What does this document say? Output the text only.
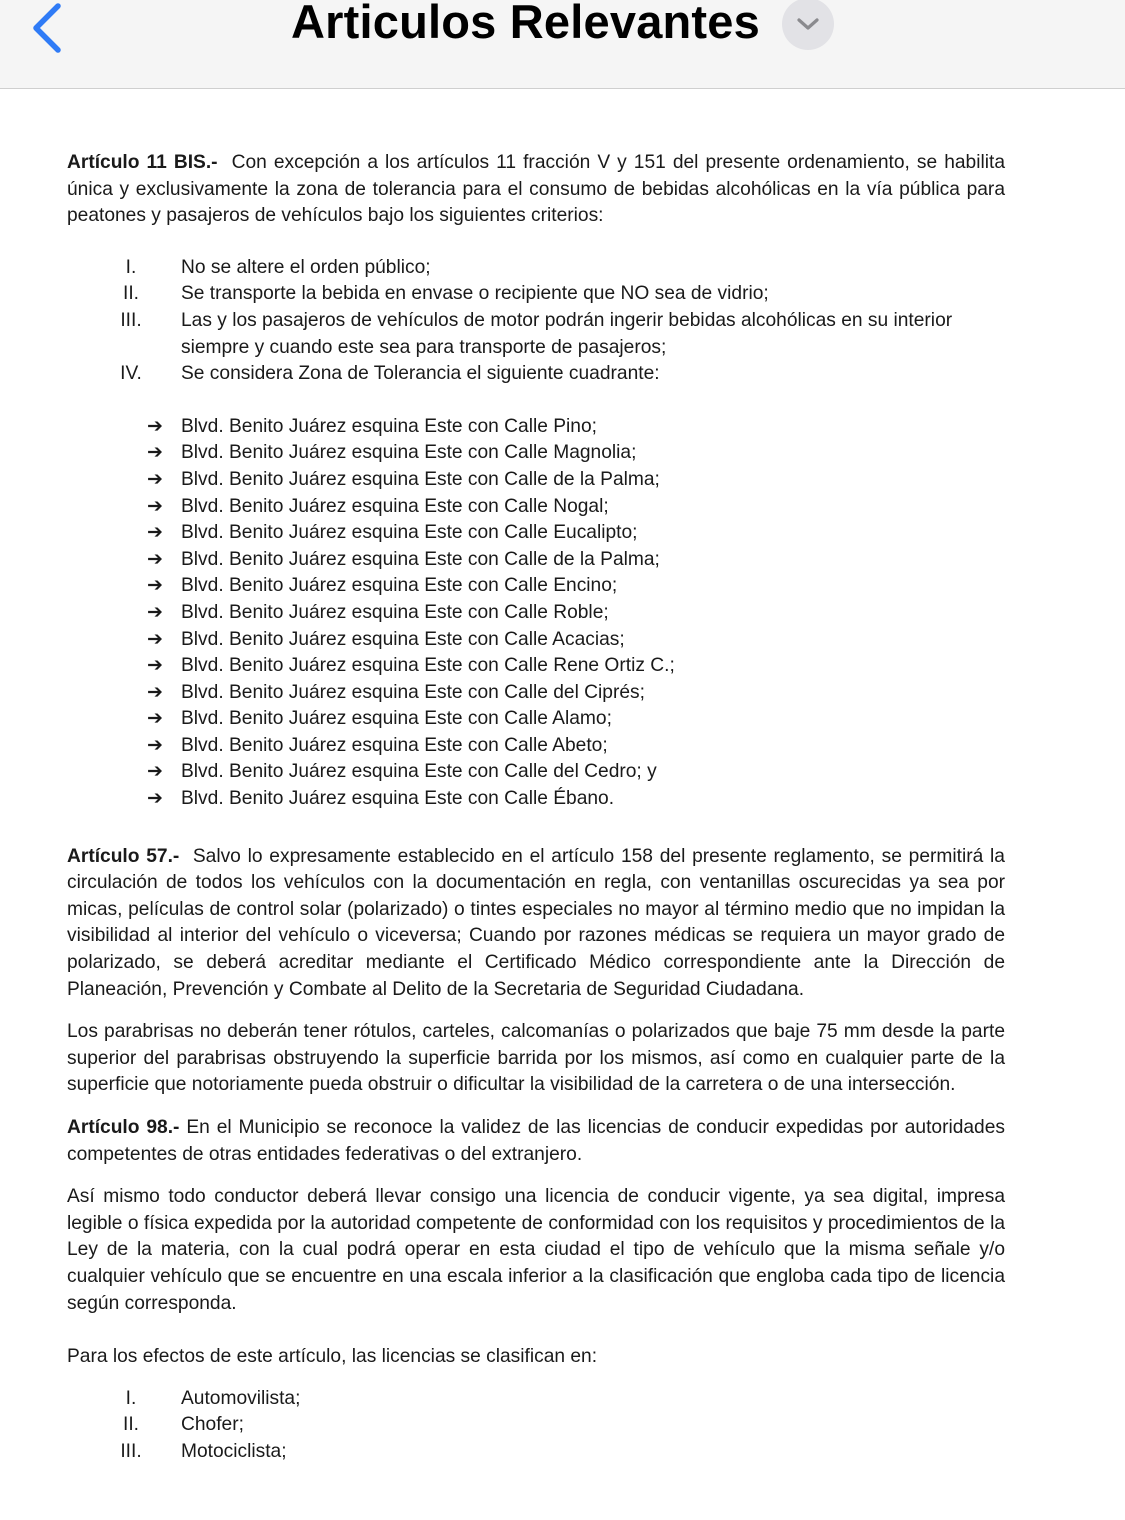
Articulos Relevantes

Artículo 11 BIS.- Con excepción a los artículos 11 fracción V y 151 del presente ordenamiento, se habilita única y exclusivamente la zona de tolerancia para el consumo de bebidas alcohólicas en la vía pública para peatones y pasajeros de vehículos bajo los siguientes criterios:

I.	No se altere el orden público;
II.	Se transporte la bebida en envase o recipiente que NO sea de vidrio;
III.	Las y los pasajeros de vehículos de motor podrán ingerir bebidas alcohólicas en su interior siempre y cuando este sea para transporte de pasajeros;
IV.	Se considera Zona de Tolerancia el siguiente cuadrante:
➔ Blvd. Benito Juárez esquina Este con Calle Pino;
➔ Blvd. Benito Juárez esquina Este con Calle Magnolia;
➔ Blvd. Benito Juárez esquina Este con Calle de la Palma;
➔ Blvd. Benito Juárez esquina Este con Calle Nogal;
➔ Blvd. Benito Juárez esquina Este con Calle Eucalipto;
➔ Blvd. Benito Juárez esquina Este con Calle de la Palma;
➔ Blvd. Benito Juárez esquina Este con Calle Encino;
➔ Blvd. Benito Juárez esquina Este con Calle Roble;
➔ Blvd. Benito Juárez esquina Este con Calle Acacias;
➔ Blvd. Benito Juárez esquina Este con Calle Rene Ortiz C.;
➔ Blvd. Benito Juárez esquina Este con Calle del Ciprés;
➔ Blvd. Benito Juárez esquina Este con Calle Alamo;
➔ Blvd. Benito Juárez esquina Este con Calle Abeto;
➔ Blvd. Benito Juárez esquina Este con Calle del Cedro; y
➔ Blvd. Benito Juárez esquina Este con Calle Ébano.

Artículo 57.- Salvo lo expresamente establecido en el artículo 158 del presente reglamento, se permitirá la circulación de todos los vehículos con la documentación en regla, con ventanillas oscurecidas ya sea por micas, películas de control solar (polarizado) o tintes especiales no mayor al término medio que no impidan la visibilidad al interior del vehículo o viceversa; Cuando por razones médicas se requiera un mayor grado de polarizado, se deberá acreditar mediante el Certificado Médico correspondiente ante la Dirección de Planeación, Prevención y Combate al Delito de la Secretaria de Seguridad Ciudadana.

Los parabrisas no deberán tener rótulos, carteles, calcomanías o polarizados que baje 75 mm desde la parte superior del parabrisas obstruyendo la superficie barrida por los mismos, así como en cualquier parte de la superficie que notoriamente pueda obstruir o dificultar la visibilidad de la carretera o de una intersección.

Artículo 98.- En el Municipio se reconoce la validez de las licencias de conducir expedidas por autoridades competentes de otras entidades federativas o del extranjero.

Así mismo todo conductor deberá llevar consigo una licencia de conducir vigente, ya sea digital, impresa legible o física expedida por la autoridad competente de conformidad con los requisitos y procedimientos de la Ley de la materia, con la cual podrá operar en esta ciudad el tipo de vehículo que la misma señale y/o cualquier vehículo que se encuentre en una escala inferior a la clasificación que engloba cada tipo de licencia según corresponda.

Para los efectos de este artículo, las licencias se clasifican en:

I.	Automovilista;
II.	Chofer;
III.	Motociclista;
